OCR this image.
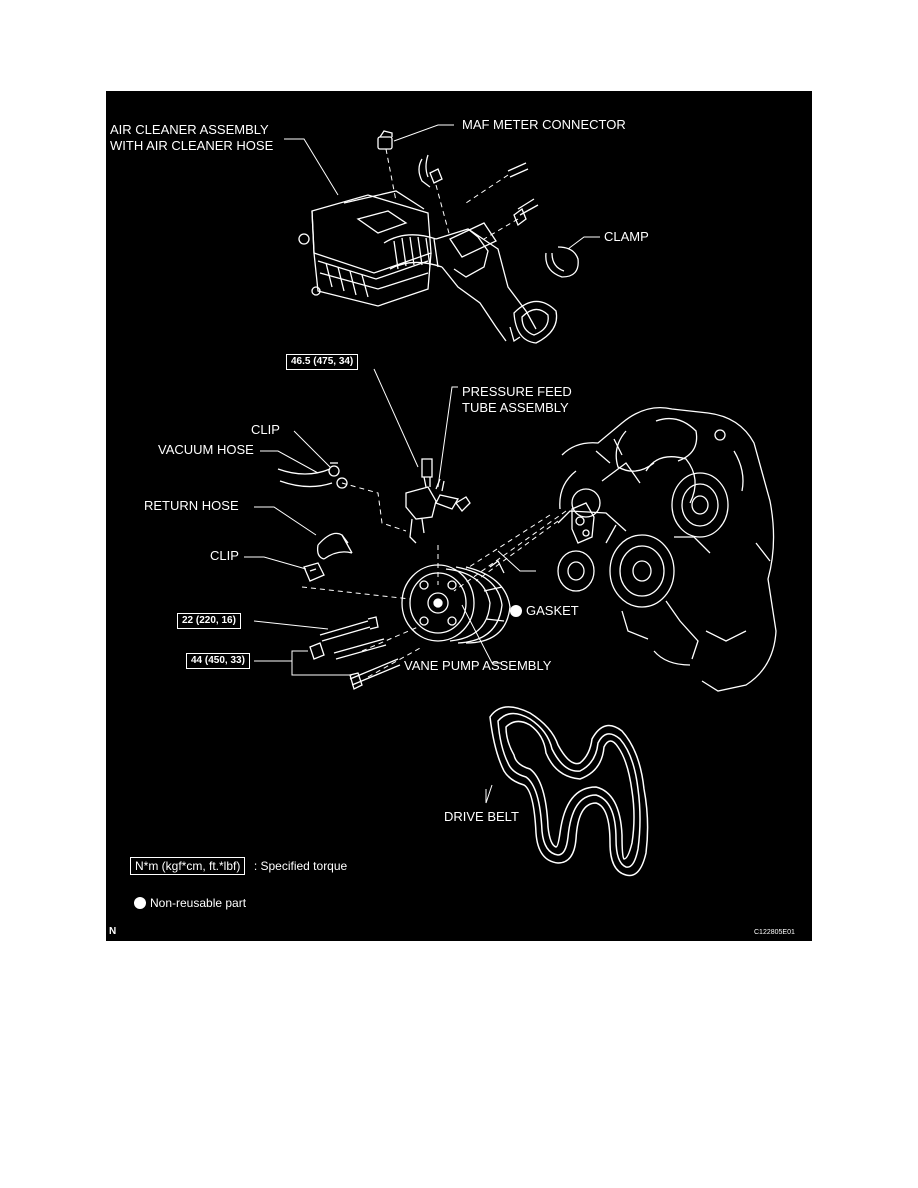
AIR CLEANER ASSEMBLY
WITH AIR CLEANER HOSE
MAF METER CONNECTOR
CLAMP
PRESSURE FEED
TUBE ASSEMBLY
CLIP
VACUUM HOSE
RETURN HOSE
CLIP
GASKET
VANE PUMP ASSEMBLY
DRIVE BELT
46.5 (475, 34)
22 (220, 16)
44 (450, 33)
N*m (kgf*cm, ft.*lbf) : Specified torque
Non-reusable part
N	C122805E01
